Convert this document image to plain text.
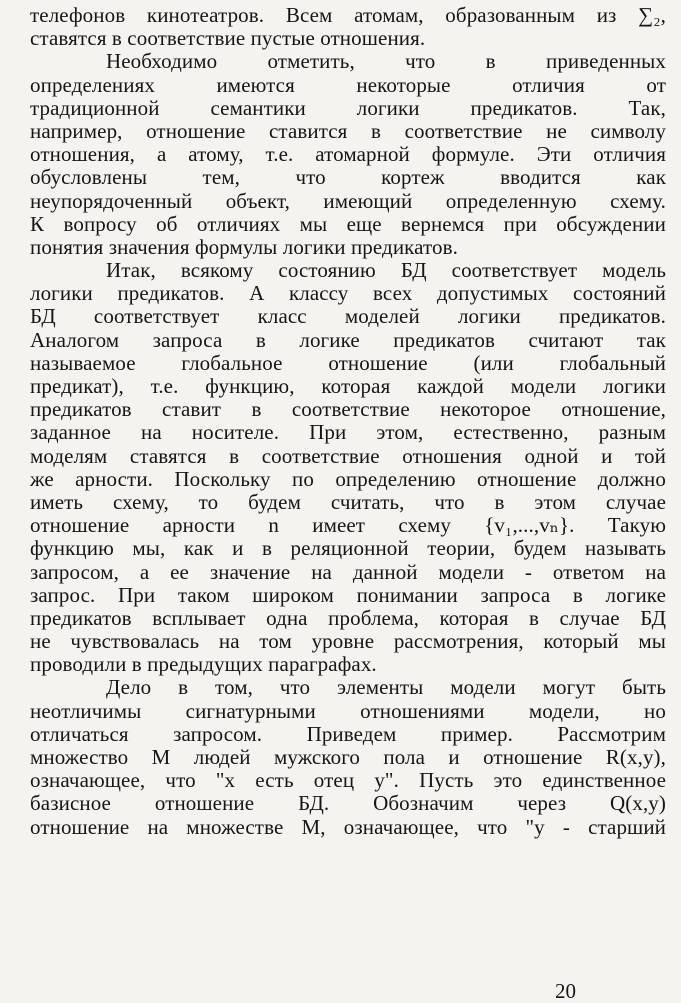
телефонов кинотеатров. Всем атомам, образованным из ∑₂,
ставятся в соответствие пустые отношения.

Необходимо отметить, что в приведенных
определениях имеются некоторые отличия от
традиционной семантики логики предикатов. Так,
например, отношение ставится в соответствие не символу
отношения, а атому, т.е. атомарной формуле. Эти отличия
обусловлены тем, что кортеж вводится как
неупорядоченный объект, имеющий определенную схему.
К вопросу об отличиях мы еще вернемся при обсуждении
понятия значения формулы логики предикатов.

Итак, всякому состоянию БД соответствует модель
логики предикатов. А классу всех допустимых состояний
БД соответствует класс моделей логики предикатов.
Аналогом запроса в логике предикатов считают так
называемое глобальное отношение (или глобальный
предикат), т.е. функцию, которая каждой модели логики
предикатов ставит в соответствие некоторое отношение,
заданное на носителе. При этом, естественно, разным
моделям ставятся в соответствие отношения одной и той
же арности. Поскольку по определению отношение должно
иметь схему, то будем считать, что в этом случае
отношение арности n имеет схему {v₁,...,vₙ}. Такую
функцию мы, как и в реляционной теории, будем называть
запросом, а ее значение на данной модели - ответом на
запрос. При таком широком понимании запроса в логике
предикатов всплывает одна проблема, которая в случае БД
не чувствовалась на том уровне рассмотрения, который мы
проводили в предыдущих параграфах.

Дело в том, что элементы модели могут быть
неотличимы сигнатурными отношениями модели, но
отличаться запросом. Приведем пример. Рассмотрим
множество M людей мужского пола и отношение R(x,y),
означающее, что "x есть отец y". Пусть это единственное
базисное отношение БД. Обозначим через Q(x,y)
отношение на множестве M, означающее, что "y - старший

20
